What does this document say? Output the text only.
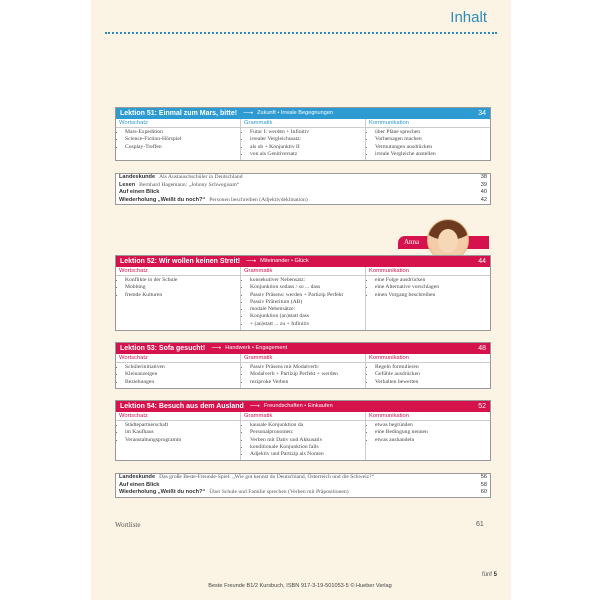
Inhalt
Lektion 51: Einmal zum Mars, bitte! ⟶ Zukunft • Irreale Begegnungen	34
Wortschatz
• Mars-Expedition
• Science-Fiction-Hörspiel
• Cosplay-Treffen
Grammatik
• Futur I: werden + Infinitiv
• irrealer Vergleichssatz:
• als ob + Konjunktiv II
• von als Genitiversatz
Kommunikation
• über Pläne sprechen
• Vorhersagen machen
• Vermutungen ausdrücken
• irreale Vergleiche anstellen
Landeskunde Als Austauschschüler in Deutschland	38
Lesen Bernhard Hagemann: „Johnny Schwegisam“	39
Auf einen Blick	40
Wiederholung „Weißt du noch?“ Personen beschreiben (Adjektivdeklination)	42
Anna
43
Lektion 52: Wir wollen keinen Streit! ⟶ Miteinander • Glück	44
Wortschatz
• Konflikte in der Schule
• Mobbing
• fremde Kulturen
Grammatik
• konsekutiver Nebensatz:
• Konjunktion sodass / so ... dass
• Passiv Präsens: werden + Partizip Perfekt
• Passiv Präteritum (AB)
• modale Nebensätze:
• Konjunktion (an)statt dass
• + (an)statt ... zu + Infinitiv
Kommunikation
• eine Folge ausdrücken
• eine Alternative vorschlagen
• einen Vorgang beschreiben
Lektion 53: Sofa gesucht! ⟶ Handwerk • Engagement	48
Wortschatz
• Schülerinitiativen
• Kleinanzeigen
• Beziehungen
Grammatik
• Passiv Präsens mit Modalverb:
• Modalverb + Partizip Perfekt + werden
• reziproke Verben
Kommunikation
• Regeln formulieren
• Gefühle ausdrücken
• Verhalten bewerten
Lektion 54: Besuch aus dem Ausland ⟶ Freundschaften • Einkaufen	52
Wortschatz
• Städtepartnerschaft
• im Kaufhaus
• Veranstaltungsprogramm
Grammatik
• kausale Konjunktion da
• Personalpronomen:
• Verben mit Dativ und Akkusativ
• konditionale Konjunktion falls
• Adjektiv und Partizip als Nomen
Kommunikation
• etwas begründen
• eine Bedingung nennen
• etwas aushandeln
Landeskunde Das große Beste-Freunde-Spiel: „Wie gut kennst du Deutschland, Österreich und die Schweiz?“	56
Auf einen Blick	58
Wiederholung „Weißt du noch?“ Über Schule und Familie sprechen (Verben mit Präpositionen)	60
Wortliste	61
fünf 5
Beste Freunde B1/2 Kursbuch, ISBN 917-3-19-501053-5 © Hueber Verlag
